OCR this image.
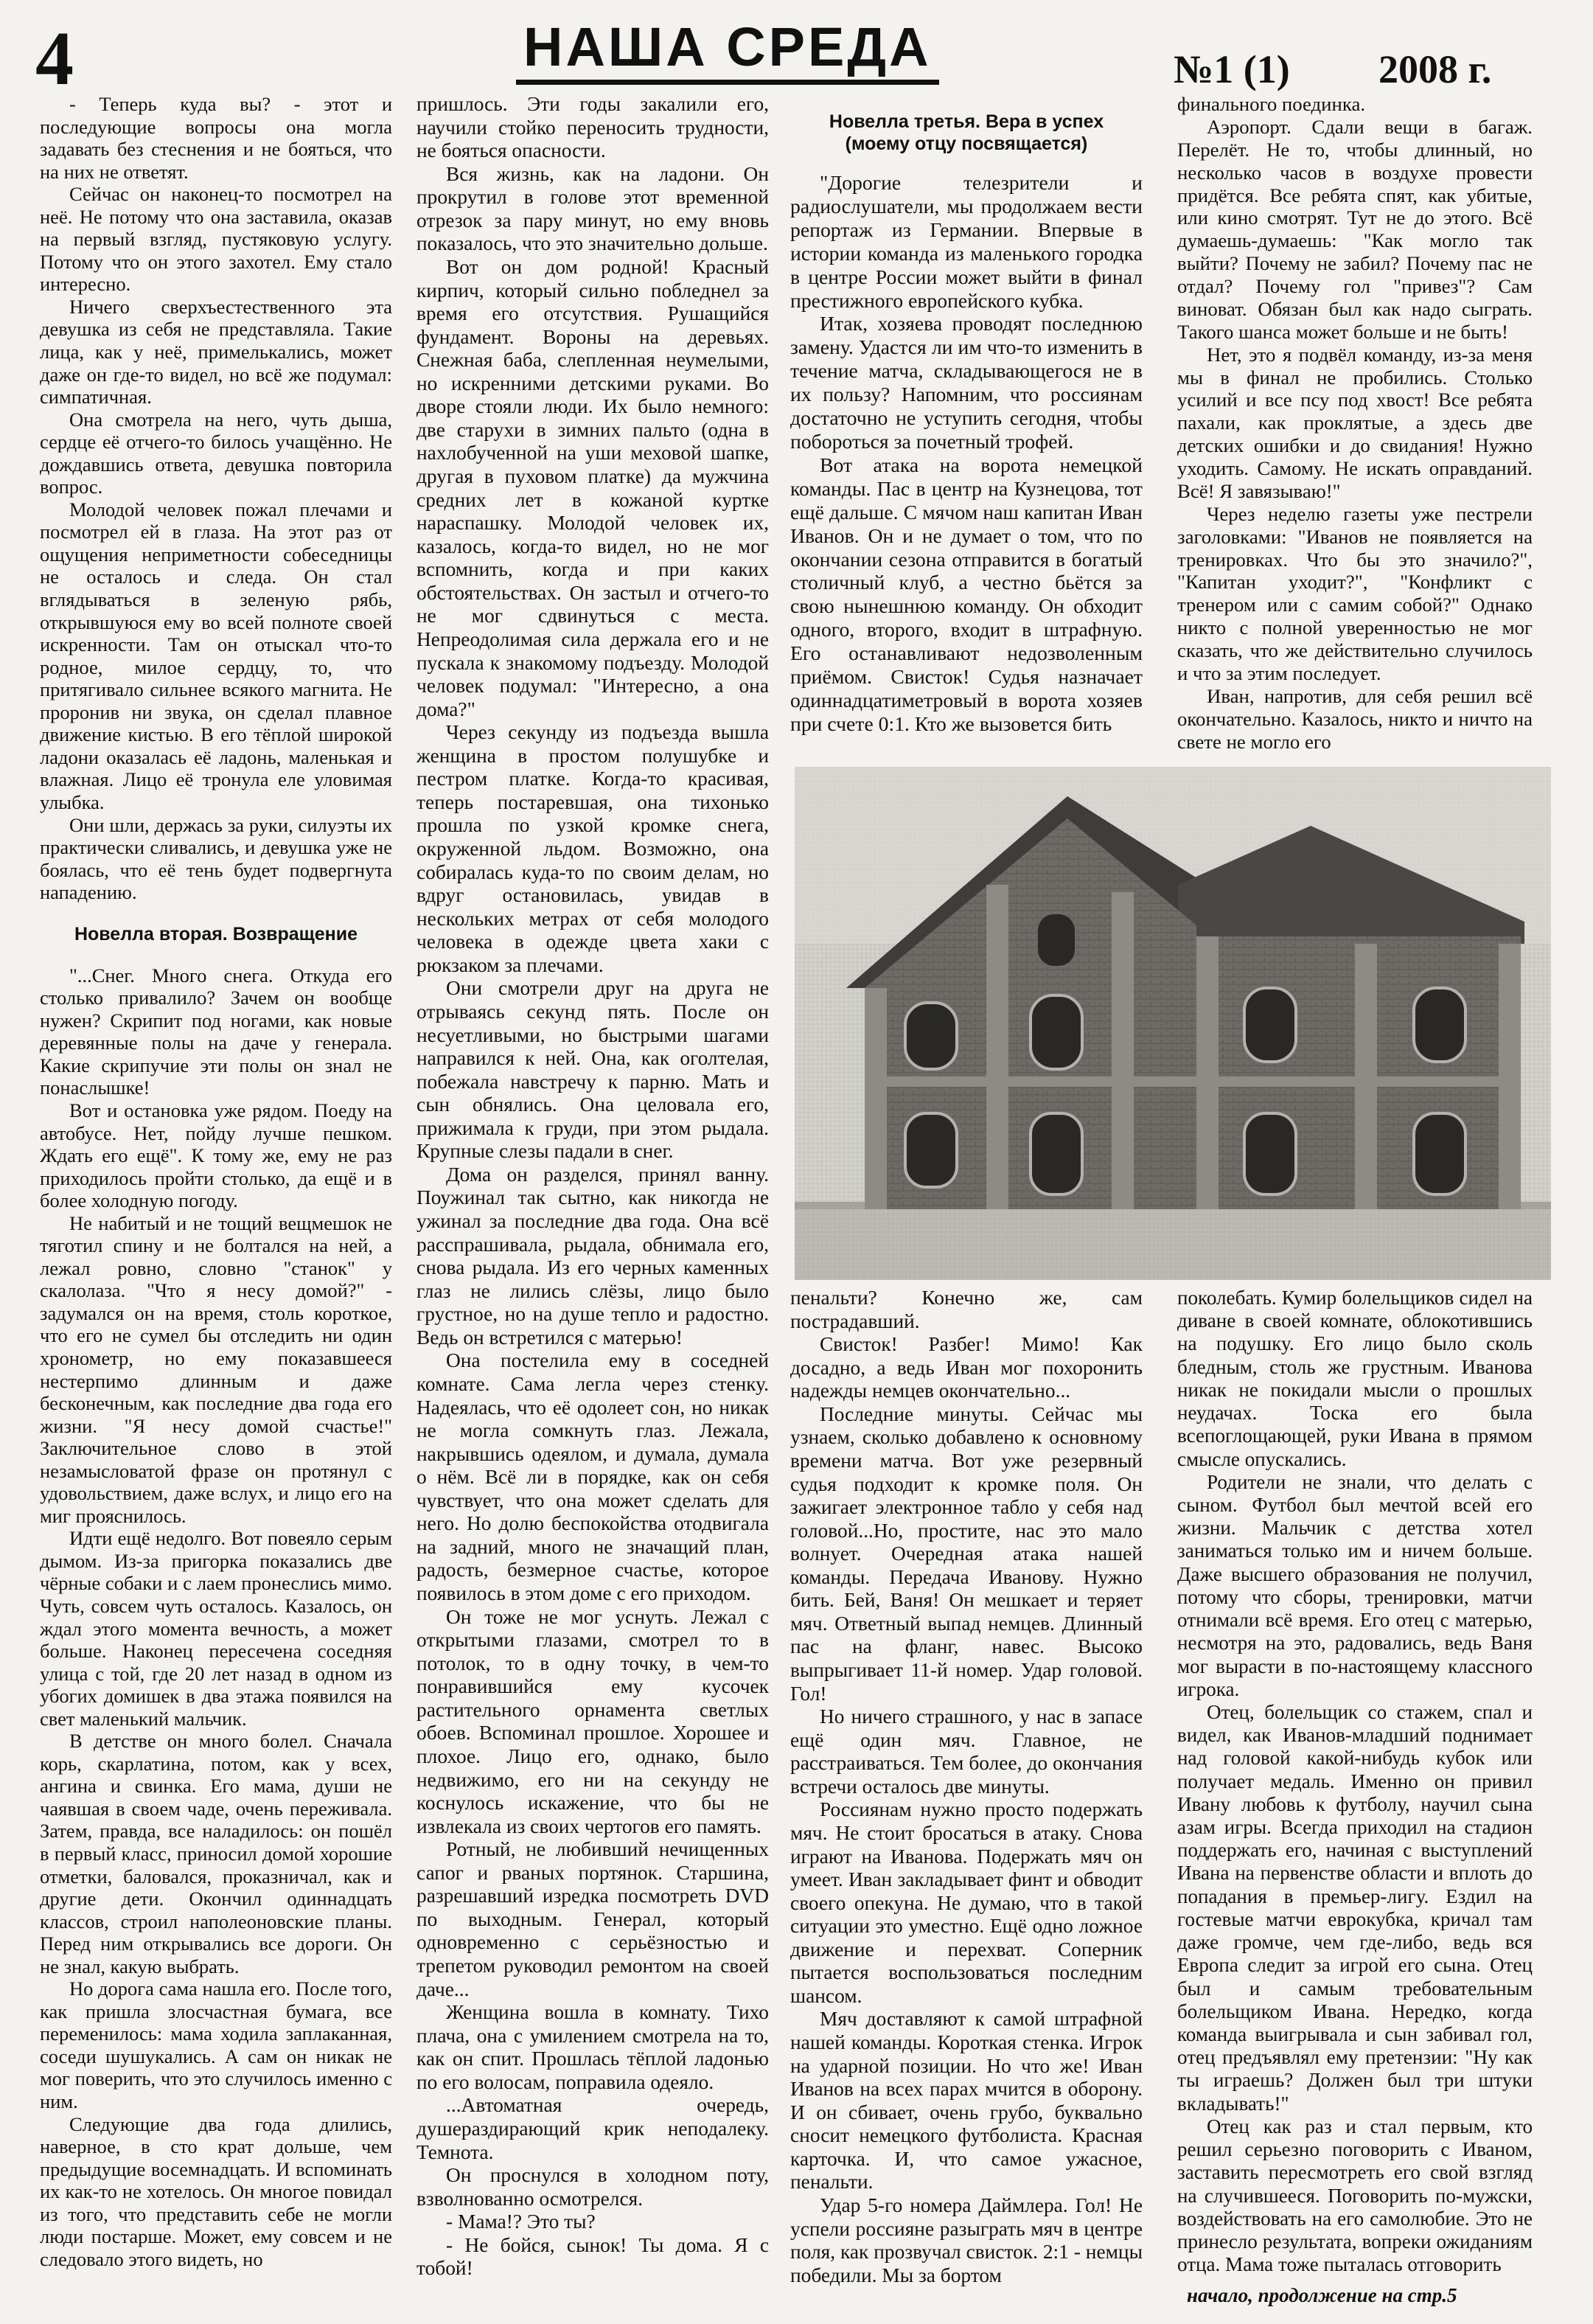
4	НАША СРЕДА	№1 (1) 2008 г.

- Теперь куда вы? - этот и последующие вопросы она могла задавать без стеснения и не бояться, что на них не ответят.

Сейчас он наконец-то посмотрел на неё. Не потому что она заставила, оказав на первый взгляд, пустяковую услугу. Потому что он этого захотел. Ему стало интересно.

Ничего сверхъестественного эта девушка из себя не представляла. Такие лица, как у неё, примелькались, может даже он где-то видел, но всё же подумал: симпатичная.

Она смотрела на него, чуть дыша, сердце её отчего-то билось учащённо. Не дождавшись ответа, девушка повторила вопрос.

Молодой человек пожал плечами и посмотрел ей в глаза. На этот раз от ощущения неприметности собеседницы не осталось и следа. Он стал вглядываться в зеленую рябь, открывшуюся ему во всей полноте своей искренности. Там он отыскал что-то родное, милое сердцу, то, что притягивало сильнее всякого магнита. Не проронив ни звука, он сделал плавное движение кистью. В его тёплой широкой ладони оказалась её ладонь, маленькая и влажная. Лицо её тронула еле уловимая улыбка.

Они шли, держась за руки, силуэты их практически сливались, и девушка уже не боялась, что её тень будет подвергнута нападению.

Новелла вторая. Возвращение

"...Снег. Много снега. Откуда его столько привалило? Зачем он вообще нужен? Скрипит под ногами, как новые деревянные полы на даче у генерала. Какие скрипучие эти полы он знал не понаслышке!

Вот и остановка уже рядом. Поеду на автобусе. Нет, пойду лучше пешком. Ждать его ещё". К тому же, ему не раз приходилось пройти столько, да ещё и в более холодную погоду.

Не набитый и не тощий вещмешок не тяготил спину и не болтался на ней, а лежал ровно, словно "станок" у скалолаза. "Что я несу домой?" - задумался он на время, столь короткое, что его не сумел бы отследить ни один хронометр, но ему показавшееся нестерпимо длинным и даже бесконечным, как последние два года его жизни. "Я несу домой счастье!" Заключительное слово в этой незамысловатой фразе он протянул с удовольствием, даже вслух, и лицо его на миг прояснилось.

Идти ещё недолго. Вот повеяло серым дымом. Из-за пригорка показались две чёрные собаки и с лаем пронеслись мимо. Чуть, совсем чуть осталось. Казалось, он ждал этого момента вечность, а может больше. Наконец пересечена соседняя улица с той, где 20 лет назад в одном из убогих домишек в два этажа появился на свет маленький мальчик.

В детстве он много болел. Сначала корь, скарлатина, потом, как у всех, ангина и свинка. Его мама, души не чаявшая в своем чаде, очень переживала. Затем, правда, все наладилось: он пошёл в первый класс, приносил домой хорошие отметки, баловался, проказничал, как и другие дети. Окончил одиннадцать классов, строил наполеоновские планы. Перед ним открывались все дороги. Он не знал, какую выбрать.

Но дорога сама нашла его. После того, как пришла злосчастная бумага, все переменилось: мама ходила заплаканная, соседи шушукались. А сам он никак не мог поверить, что это случилось именно с ним.

Следующие два года длились, наверное, в сто крат дольше, чем предыдущие восемнадцать. И вспоминать их как-то не хотелось. Он многое повидал из того, что представить себе не могли люди постарше. Может, ему совсем и не следовало этого видеть, но

пришлось. Эти годы закалили его, научили стойко переносить трудности, не бояться опасности.

Вся жизнь, как на ладони. Он прокрутил в голове этот временной отрезок за пару минут, но ему вновь показалось, что это значительно дольше.

Вот он дом родной! Красный кирпич, который сильно побледнел за время его отсутствия. Рушащийся фундамент. Вороны на деревьях. Снежная баба, слепленная неумелыми, но искренними детскими руками. Во дворе стояли люди. Их было немного: две старухи в зимних пальто (одна в нахлобученной на уши меховой шапке, другая в пуховом платке) да мужчина средних лет в кожаной куртке нараспашку. Молодой человек их, казалось, когда-то видел, но не мог вспомнить, когда и при каких обстоятельствах. Он застыл и отчего-то не мог сдвинуться с места. Непреодолимая сила держала его и не пускала к знакомому подъезду. Молодой человек подумал: "Интересно, а она дома?"

Через секунду из подъезда вышла женщина в простом полушубке и пестром платке. Когда-то красивая, теперь постаревшая, она тихонько прошла по узкой кромке снега, окруженной льдом. Возможно, она собиралась куда-то по своим делам, но вдруг остановилась, увидав в нескольких метрах от себя молодого человека в одежде цвета хаки с рюкзаком за плечами.

Они смотрели друг на друга не отрываясь секунд пять. После он несуетливыми, но быстрыми шагами направился к ней. Она, как оголтелая, побежала навстречу к парню. Мать и сын обнялись. Она целовала его, прижимала к груди, при этом рыдала. Крупные слезы падали в снег.

Дома он разделся, принял ванну. Поужинал так сытно, как никогда не ужинал за последние два года. Она всё расспрашивала, рыдала, обнимала его, снова рыдала. Из его черных каменных глаз не лились слёзы, лицо было грустное, но на душе тепло и радостно. Ведь он встретился с матерью!

Она постелила ему в соседней комнате. Сама легла через стенку. Надеялась, что её одолеет сон, но никак не могла сомкнуть глаз. Лежала, накрывшись одеялом, и думала, думала о нём. Всё ли в порядке, как он себя чувствует, что она может сделать для него. Но долю беспокойства отодвигала на задний, много не значащий план, радость, безмерное счастье, которое появилось в этом доме с его приходом.

Он тоже не мог уснуть. Лежал с открытыми глазами, смотрел то в потолок, то в одну точку, в чем-то понравившийся ему кусочек растительного орнамента светлых обоев. Вспоминал прошлое. Хорошее и плохое. Лицо его, однако, было недвижимо, его ни на секунду не коснулось искажение, что бы не извлекала из своих чертогов его память.

Ротный, не любивший нечищенных сапог и рваных портянок. Старшина, разрешавший изредка посмотреть DVD по выходным. Генерал, который одновременно с серьёзностью и трепетом руководил ремонтом на своей даче...

Женщина вошла в комнату. Тихо плача, она с умилением смотрела на то, как он спит. Прошлась тёплой ладонью по его волосам, поправила одеяло.

...Автоматная очередь, душераздирающий крик неподалеку. Темнота.

Он проснулся в холодном поту, взволнованно осмотрелся.

- Мама!? Это ты?

- Не бойся, сынок! Ты дома. Я с тобой!

Новелла третья. Вера в успех
(моему отцу посвящается)

"Дорогие телезрители и радиослушатели, мы продолжаем вести репортаж из Германии. Впервые в истории команда из маленького городка в центре России может выйти в финал престижного европейского кубка.

Итак, хозяева проводят последнюю замену. Удастся ли им что-то изменить в течение матча, складывающегося не в их пользу? Напомним, что россиянам достаточно не уступить сегодня, чтобы побороться за почетный трофей.

Вот атака на ворота немецкой команды. Пас в центр на Кузнецова, тот ещё дальше. С мячом наш капитан Иван Иванов. Он и не думает о том, что по окончании сезона отправится в богатый столичный клуб, а честно бьётся за свою нынешнюю команду. Он обходит одного, второго, входит в штрафную. Его останавливают недозволенным приёмом. Свисток! Судья назначает одиннадцатиметровый в ворота хозяев при счете 0:1. Кто же вызовется бить

финального поединка.

Аэропорт. Сдали вещи в багаж. Перелёт. Не то, чтобы длинный, но несколько часов в воздухе провести придётся. Все ребята спят, как убитые, или кино смотрят. Тут не до этого. Всё думаешь-думаешь: "Как могло так выйти? Почему не забил? Почему пас не отдал? Почему гол "привез"? Сам виноват. Обязан был как надо сыграть. Такого шанса может больше и не быть!

Нет, это я подвёл команду, из-за меня мы в финал не пробились. Столько усилий и все псу под хвост! Все ребята пахали, как проклятые, а здесь две детских ошибки и до свидания! Нужно уходить. Самому. Не искать оправданий. Всё! Я завязываю!"

Через неделю газеты уже пестрели заголовками: "Иванов не появляется на тренировках. Что бы это значило?", "Капитан уходит?", "Конфликт с тренером или с самим собой?" Однако никто с полной уверенностью не мог сказать, что же действительно случилось и что за этим последует.

Иван, напротив, для себя решил всё окончательно. Казалось, никто и ничто на свете не могло его

пенальти? Конечно же, сам пострадавший.

Свисток! Разбег! Мимо! Как досадно, а ведь Иван мог похоронить надежды немцев окончательно...

Последние минуты. Сейчас мы узнаем, сколько добавлено к основному времени матча. Вот уже резервный судья подходит к кромке поля. Он зажигает электронное табло у себя над головой...Но, простите, нас это мало волнует. Очередная атака нашей команды. Передача Иванову. Нужно бить. Бей, Ваня! Он мешкает и теряет мяч. Ответный выпад немцев. Длинный пас на фланг, навес. Высоко выпрыгивает 11-й номер. Удар головой. Гол!

Но ничего страшного, у нас в запасе ещё один мяч. Главное, не расстраиваться. Тем более, до окончания встречи осталось две минуты.

Россиянам нужно просто подержать мяч. Не стоит бросаться в атаку. Снова играют на Иванова. Подержать мяч он умеет. Иван закладывает финт и обводит своего опекуна. Не думаю, что в такой ситуации это уместно. Ещё одно ложное движение и перехват. Соперник пытается воспользоваться последним шансом.

Мяч доставляют к самой штрафной нашей команды. Короткая стенка. Игрок на ударной позиции. Но что же! Иван Иванов на всех парах мчится в оборону. И он сбивает, очень грубо, буквально сносит немецкого футболиста. Красная карточка. И, что самое ужасное, пенальти.

Удар 5-го номера Даймлера. Гол! Не успели россияне разыграть мяч в центре поля, как прозвучал свисток. 2:1 - немцы победили. Мы за бортом

поколебать. Кумир болельщиков сидел на диване в своей комнате, облокотившись на подушку. Его лицо было сколь бледным, столь же грустным. Иванова никак не покидали мысли о прошлых неудачах. Тоска его была всепоглощающей, руки Ивана в прямом смысле опускались.

Родители не знали, что делать с сыном. Футбол был мечтой всей его жизни. Мальчик с детства хотел заниматься только им и ничем больше. Даже высшего образования не получил, потому что сборы, тренировки, матчи отнимали всё время. Его отец с матерью, несмотря на это, радовались, ведь Ваня мог вырасти в по-настоящему классного игрока.

Отец, болельщик со стажем, спал и видел, как Иванов-младший поднимает над головой какой-нибудь кубок или получает медаль. Именно он привил Ивану любовь к футболу, научил сына азам игры. Всегда приходил на стадион поддержать его, начиная с выступлений Ивана на первенстве области и вплоть до попадания в премьер-лигу. Ездил на гостевые матчи еврокубка, кричал там даже громче, чем где-либо, ведь вся Европа следит за игрой его сына. Отец был и самым требовательным болельщиком Ивана. Нередко, когда команда выигрывала и сын забивал гол, отец предъявлял ему претензии: "Ну как ты играешь? Должен был три штуки вкладывать!"

Отец как раз и стал первым, кто решил серьезно поговорить с Иваном, заставить пересмотреть его свой взгляд на случившееся. Поговорить по-мужски, воздействовать на его самолюбие. Это не принесло результата, вопреки ожиданиям отца. Мама тоже пыталась отговорить

начало, продолжение на стр.5
